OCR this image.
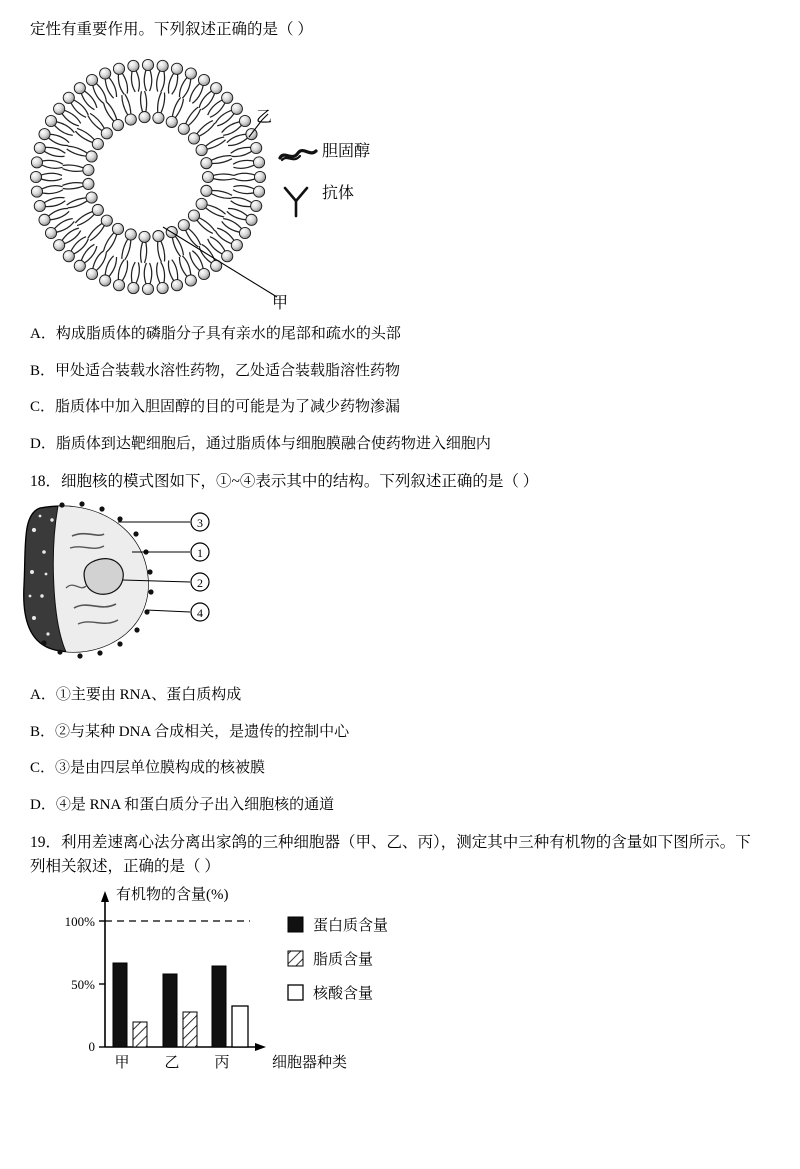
定性有重要作用。下列叙述正确的是（ ）
乙
甲
胆固醇
抗体
A．构成脂质体的磷脂分子具有亲水的尾部和疏水的头部
B．甲处适合装载水溶性药物，乙处适合装载脂溶性药物
C．脂质体中加入胆固醇的目的可能是为了减少药物渗漏
D．脂质体到达靶细胞后，通过脂质体与细胞膜融合使药物进入细胞内
18．细胞核的模式图如下，①~④表示其中的结构。下列叙述正确的是（ ）
3
1
2
4
A．①主要由 RNA、蛋白质构成
B．②与某种 DNA 合成相关，是遗传的控制中心
C．③是由四层单位膜构成的核被膜
D．④是 RNA 和蛋白质分子出入细胞核的通道
19．利用差速离心法分离出家鸽的三种细胞器（甲、乙、丙），测定其中三种有机物的含量如下图所示。下
列相关叙述，正确的是（ ）
0
50%
100%
甲 乙 丙	细胞器种类
有机物的含量(%)
蛋白质含量
脂质含量
核酸含量
